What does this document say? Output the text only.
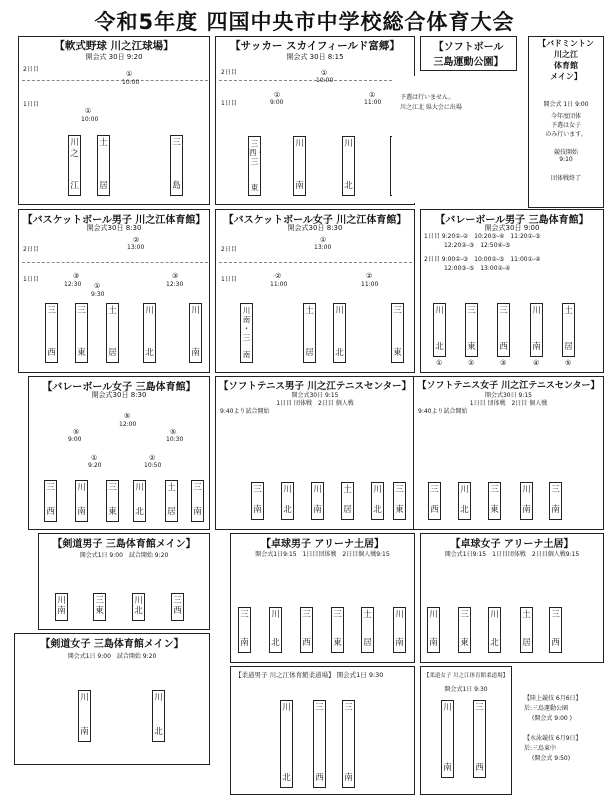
令和5年度 四国中央市中学校総合体育大会
【軟式野球 川之江球場】
開会式 30日 9:20
2日目
1日目
①
10:00
①
10:00
川
之
江
土
居
三
島
【サッカー スカイフィールド富郷】
開会式 30日 8:15
2日目
1日目
①
10:00
①
9:00
①
11:00
三
西・
三
東
川
南
川
北
【ソフトボール
三島運動公園】
予選は行いません。
川之江北 県大会に出場
【バドミントン
川之江
体育館
メイン】
開会式 1日 9:00
今年度団体
予選は女子
のみ行います。
競技開始
9:10
団体戦終了
【バスケットボール男子 川之江体育館】
開会式30日 8:30
2日目
1日目
②
13:00
③
12:30 ①
9:30
③
12:30
三
西
三
東
土
居
川
北
川
南
【バスケットボール女子 川之江体育館】
開会式30日 8:30
2日目
1日目
①
13:00
②
11:00
②
11:00
川
南
・
三
南
土
居
川
北
三
東
【バレーボール男子 三島体育館】
開会式30日 9:00
1日目 9:20①-②　10:20③-④　11:20①-⑤
12:20②-③　12:50④-⑤
2日目 9:00①-③　10:00②-⑤　11:00①-④
12:00③-⑤　13:00②-④
川
北
三
東
三
西
川
南
土
居
①	②	③	④	⑤
【バレーボール女子 三島体育館】
開会式30日 8:30
⑤
12:00
⑤
9:00
①
9:20
⑤
10:30
②
10:50
三
西
川
南
三
東
川
北
土
居
三
南
【ソフトテニス男子 川之江テニスセンター】
開会式30日 9:15
1日目 団体戦　2日目 個人戦
9:40より試合開始
三
南
川
北
川
南
土
居
川
北
三
東
【ソフトテニス女子 川之江テニスセンター】
開会式30日 9:15
1日目 団体戦　2日目 個人戦
9:40より試合開始
三
西
川
北
三
東
川
南
三
南
【剣道男子 三島体育館メイン】
開会式1日 9:00　試合開始 9:20
川
南
三
東
川
北
三
西
【卓球男子 アリーナ土居】
開会式1日9:15　1日目団体戦　2日目個人戦9:15
三
南
川
北
三
西
三
東
土
居
川
南
【卓球女子 アリーナ土居】
開会式1日9:15　1日目団体戦　2日目個人戦9:15
川
南
三
東
川
北
土
居
三
西
【剣道女子 三島体育館メイン】
開会式1日 9:00　試合開始 9:20
川
南
川
北
【柔道男子 川之江体育館柔道場】 開会式1日 9:30
川
北
三
西
三
南
【柔道女子 川之江体育館柔道場】
開会式1日 9:30
川
南
三
西
【陸上競技 6月6日】
於:三島運動公園
(開会式 9:00 )
【水泳競技 6月9日】
於:三島東中
(開会式 9:50)
